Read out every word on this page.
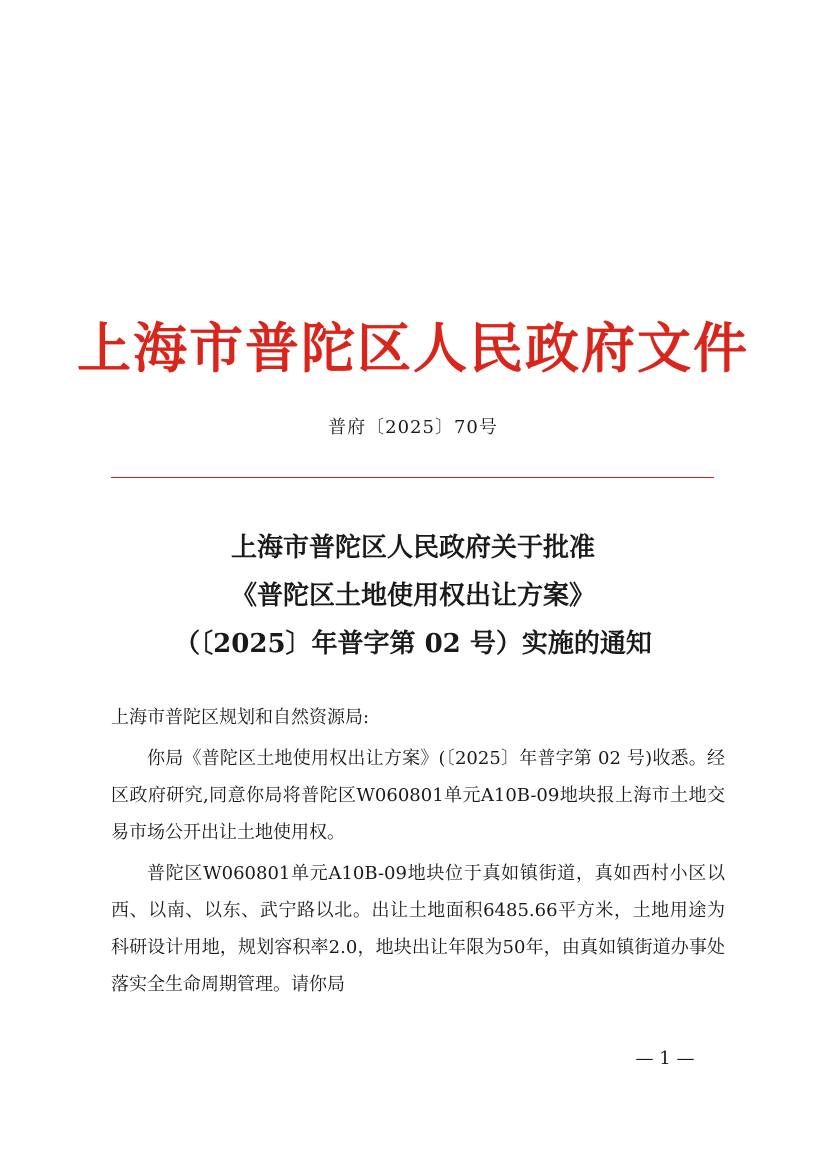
上海市普陀区人民政府文件
普府〔2025〕70号
上海市普陀区人民政府关于批准
《普陀区土地使用权出让方案》
（〔2025〕年普字第 02 号）实施的通知

上海市普陀区规划和自然资源局:

你局《普陀区土地使用权出让方案》(〔2025〕年普字第 02 号)收悉。经区政府研究,同意你局将普陀区W060801单元A10B-09地块报上海市土地交易市场公开出让土地使用权。

普陀区W060801单元A10B-09地块位于真如镇街道，真如西村小区以西、以南、以东、武宁路以北。出让土地面积6485.66平方米，土地用途为科研设计用地，规划容积率2.0，地块出让年限为50年，由真如镇街道办事处落实全生命周期管理。请你局

— 1 —
